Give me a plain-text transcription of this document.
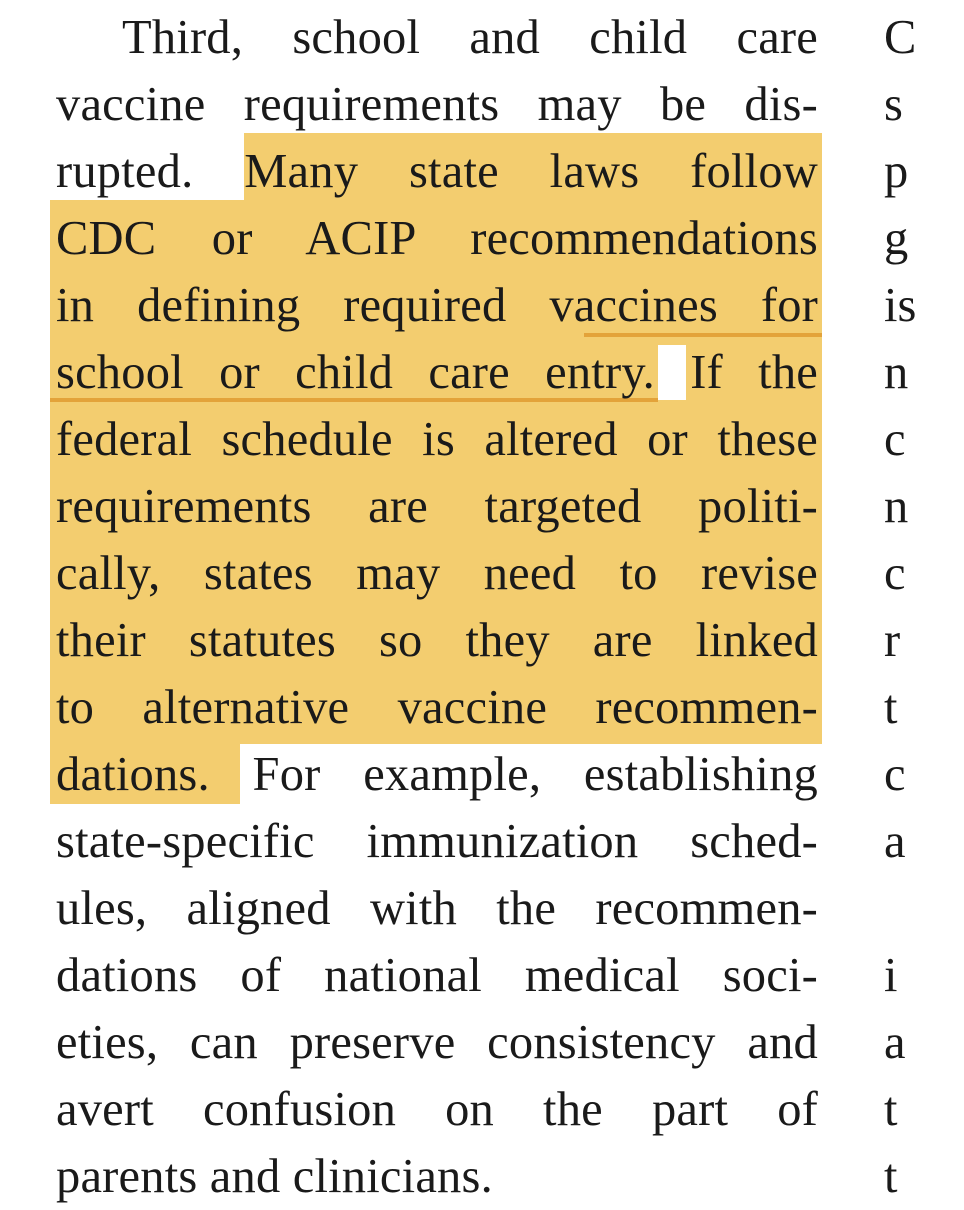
Third, school and child care
vaccine requirements may be dis-
rupted. Many state laws follow
CDC or ACIP recommendations
in defining required vaccines for
school or child care entry. If the
federal schedule is altered or these
requirements are targeted politi-
cally, states may need to revise
their statutes so they are linked
to alternative vaccine recommen-
dations. For example, establishing
state-specific immunization sched-
ules, aligned with the recommen-
dations of national medical soci-
eties, can preserve consistency and
avert confusion on the part of
parents and clinicians.
C
s
p
g
is
n
c
n
c
r
t
c
a
i
a
t
t
